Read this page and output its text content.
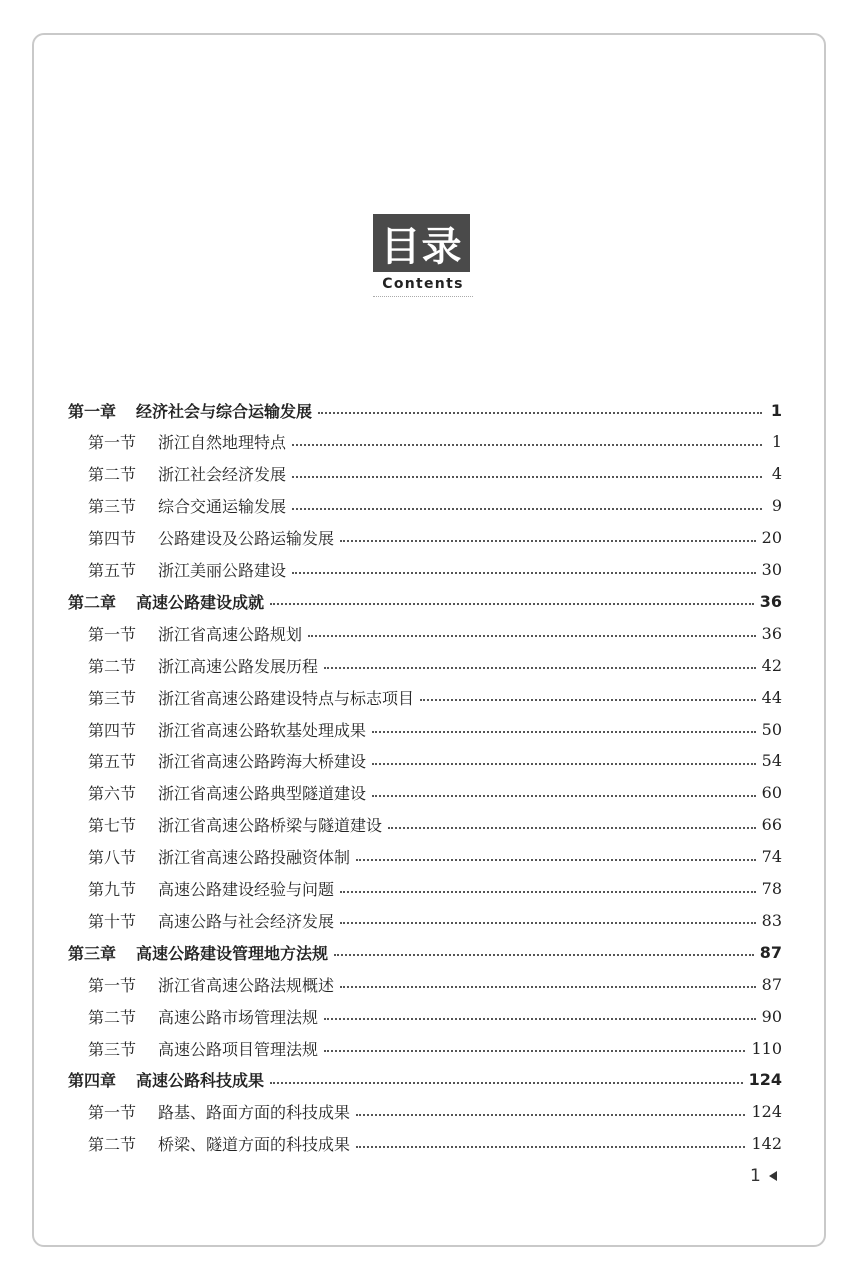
目录
Contents
第一章 经济社会与综合运输发展	1
第一节 浙江自然地理特点	1
第二节 浙江社会经济发展	4
第三节 综合交通运输发展	9
第四节 公路建设及公路运输发展	20
第五节 浙江美丽公路建设	30
第二章 高速公路建设成就	36
第一节 浙江省高速公路规划	36
第二节 浙江高速公路发展历程	42
第三节 浙江省高速公路建设特点与标志项目	44
第四节 浙江省高速公路软基处理成果	50
第五节 浙江省高速公路跨海大桥建设	54
第六节 浙江省高速公路典型隧道建设	60
第七节 浙江省高速公路桥梁与隧道建设	66
第八节 浙江省高速公路投融资体制	74
第九节 高速公路建设经验与问题	78
第十节 高速公路与社会经济发展	83
第三章 高速公路建设管理地方法规	87
第一节 浙江省高速公路法规概述	87
第二节 高速公路市场管理法规	90
第三节 高速公路项目管理法规	110
第四章 高速公路科技成果	124
第一节 路基、路面方面的科技成果	124
第二节 桥梁、隧道方面的科技成果	142
1
